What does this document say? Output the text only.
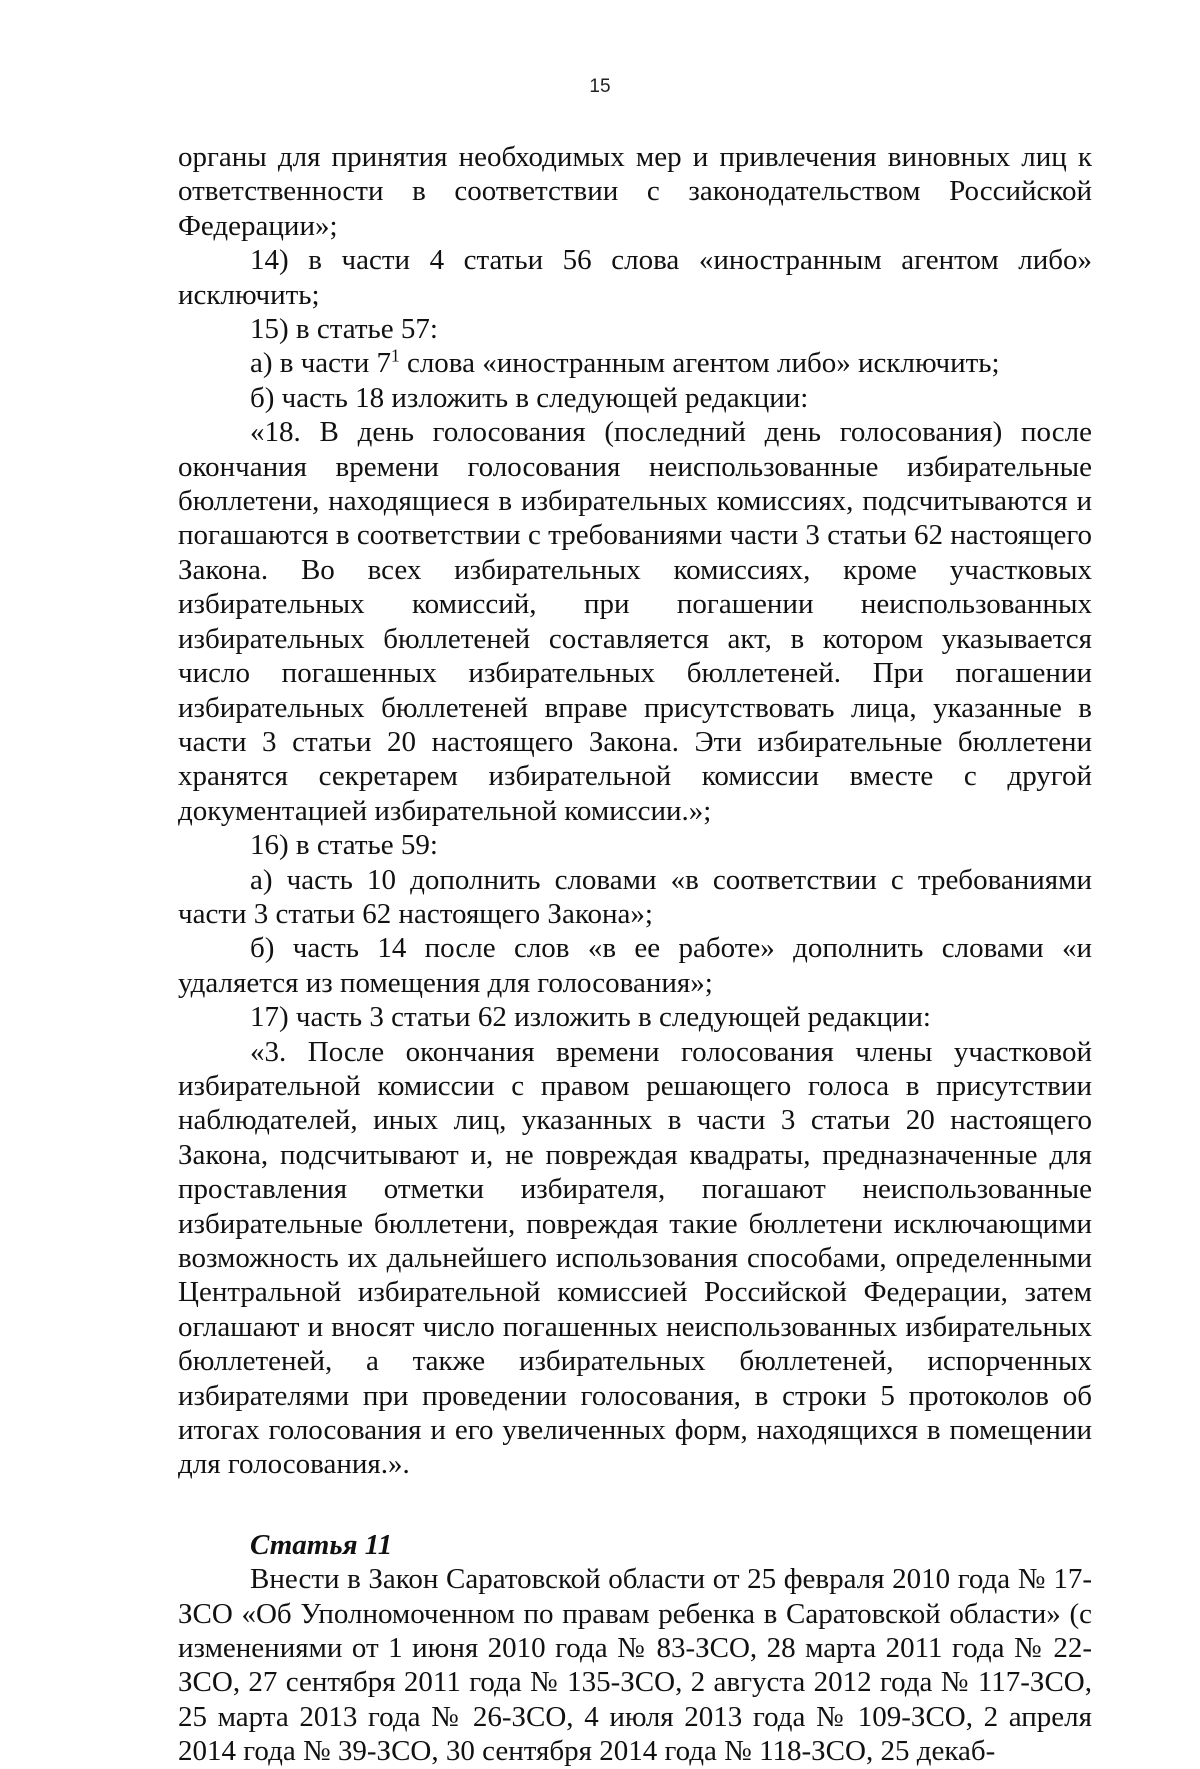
15

органы для принятия необходимых мер и привлечения виновных лиц к ответственности в соответствии с законодательством Российской Федерации»;

14) в части 4 статьи 56 слова «иностранным агентом либо» исключить;

15) в статье 57:

а) в части $7^1$ слова «иностранным агентом либо» исключить;

б) часть 18 изложить в следующей редакции:

«18. В день голосования (последний день голосования) после окончания времени голосования неиспользованные избирательные бюллетени, находящиеся в избирательных комиссиях, подсчитываются и погашаются в соответствии с требованиями части 3 статьи 62 настоящего Закона. Во всех избирательных комиссиях, кроме участковых избирательных комиссий, при погашении неиспользованных избирательных бюллетеней составляется акт, в котором указывается число погашенных избирательных бюллетеней. При погашении избирательных бюллетеней вправе присутствовать лица, указанные в части 3 статьи 20 настоящего Закона. Эти избирательные бюллетени хранятся секретарем избирательной комиссии вместе с другой документацией избирательной комиссии.»;

16) в статье 59:

а) часть 10 дополнить словами «в соответствии с требованиями части 3 статьи 62 настоящего Закона»;

б) часть 14 после слов «в ее работе» дополнить словами «и удаляется из помещения для голосования»;

17) часть 3 статьи 62 изложить в следующей редакции:

«3. После окончания времени голосования члены участковой избирательной комиссии с правом решающего голоса в присутствии наблюдателей, иных лиц, указанных в части 3 статьи 20 настоящего Закона, подсчитывают и, не повреждая квадраты, предназначенные для проставления отметки избирателя, погашают неиспользованные избирательные бюллетени, повреждая такие бюллетени исключающими возможность их дальнейшего использования способами, определенными Центральной избирательной комиссией Российской Федерации, затем оглашают и вносят число погашенных неиспользованных избирательных бюллетеней, а также избирательных бюллетеней, испорченных избирателями при проведении голосования, в строки 5 протоколов об итогах голосования и его увеличенных форм, находящихся в помещении для голосования.».

Статья 11

Внести в Закон Саратовской области от 25 февраля 2010 года № 17-ЗСО «Об Уполномоченном по правам ребенка в Саратовской области» (с изменениями от 1 июня 2010 года № 83-ЗСО, 28 марта 2011 года № 22-ЗСО, 27 сентября 2011 года № 135-ЗСО, 2 августа 2012 года № 117-ЗСО, 25 марта 2013 года № 26-ЗСО, 4 июля 2013 года № 109-ЗСО, 2 апреля 2014 года № 39-ЗСО, 30 сентября 2014 года № 118-ЗСО, 25 декаб-
